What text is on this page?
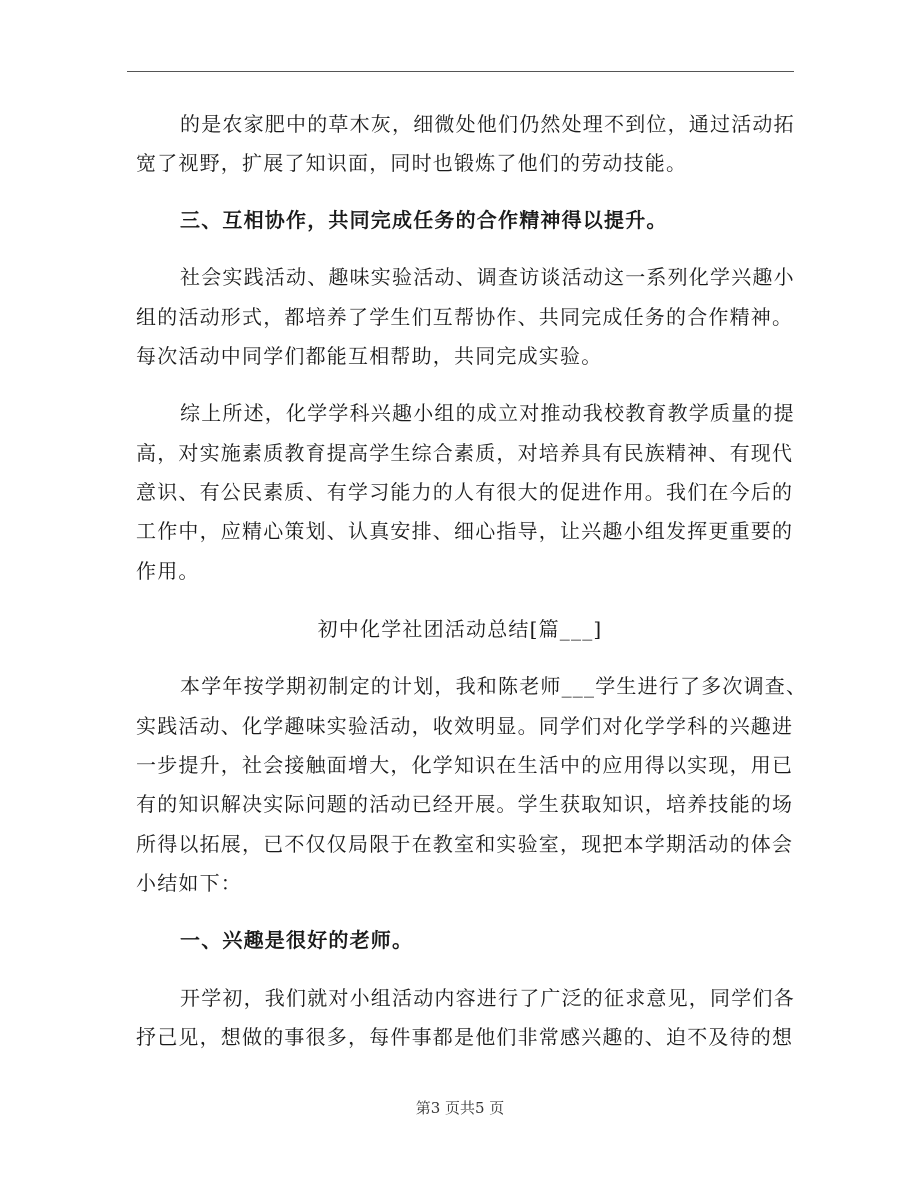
的是农家肥中的草木灰，细微处他们仍然处理不到位，通过活动拓
宽了视野，扩展了知识面，同时也锻炼了他们的劳动技能。
三、互相协作，共同完成任务的合作精神得以提升。
社会实践活动、趣味实验活动、调查访谈活动这一系列化学兴趣小
组的活动形式，都培养了学生们互帮协作、共同完成任务的合作精神。
每次活动中同学们都能互相帮助，共同完成实验。
综上所述，化学学科兴趣小组的成立对推动我校教育教学质量的提
高，对实施素质教育提高学生综合素质，对培养具有民族精神、有现代
意识、有公民素质、有学习能力的人有很大的促进作用。我们在今后的
工作中，应精心策划、认真安排、细心指导，让兴趣小组发挥更重要的
作用。
初中化学社团活动总结[篇___]
本学年按学期初制定的计划，我和陈老师___学生进行了多次调查、
实践活动、化学趣味实验活动，收效明显。同学们对化学学科的兴趣进
一步提升，社会接触面增大，化学知识在生活中的应用得以实现，用已
有的知识解决实际问题的活动已经开展。学生获取知识，培养技能的场
所得以拓展，已不仅仅局限于在教室和实验室，现把本学期活动的体会
小结如下：
一、兴趣是很好的老师。
开学初，我们就对小组活动内容进行了广泛的征求意见，同学们各
抒己见，想做的事很多，每件事都是他们非常感兴趣的、迫不及待的想
第3 页共5 页
